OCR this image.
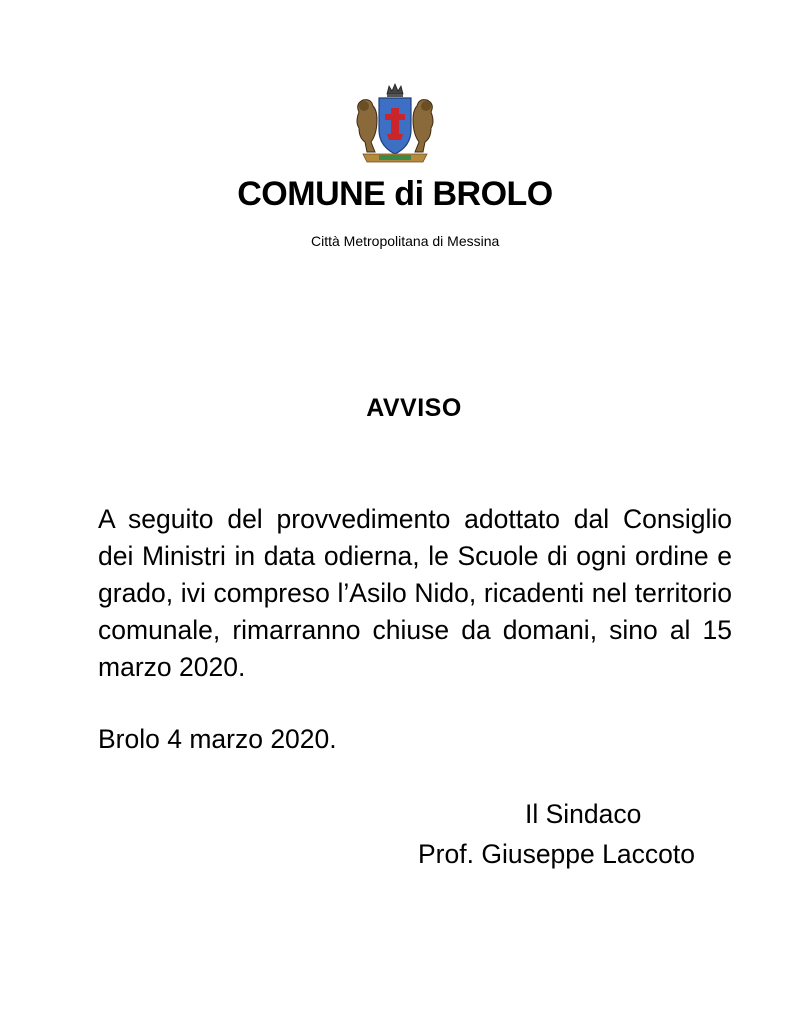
COMUNE di BROLO
Città Metropolitana di Messina
AVVISO
A seguito del provvedimento adottato dal Consiglio dei Ministri in data odierna, le Scuole di ogni ordine e grado, ivi compreso l’Asilo Nido, ricadenti nel territorio comunale, rimarranno chiuse da domani, sino al 15 marzo 2020.
Brolo 4 marzo 2020.
Il Sindaco
Prof. Giuseppe Laccoto
